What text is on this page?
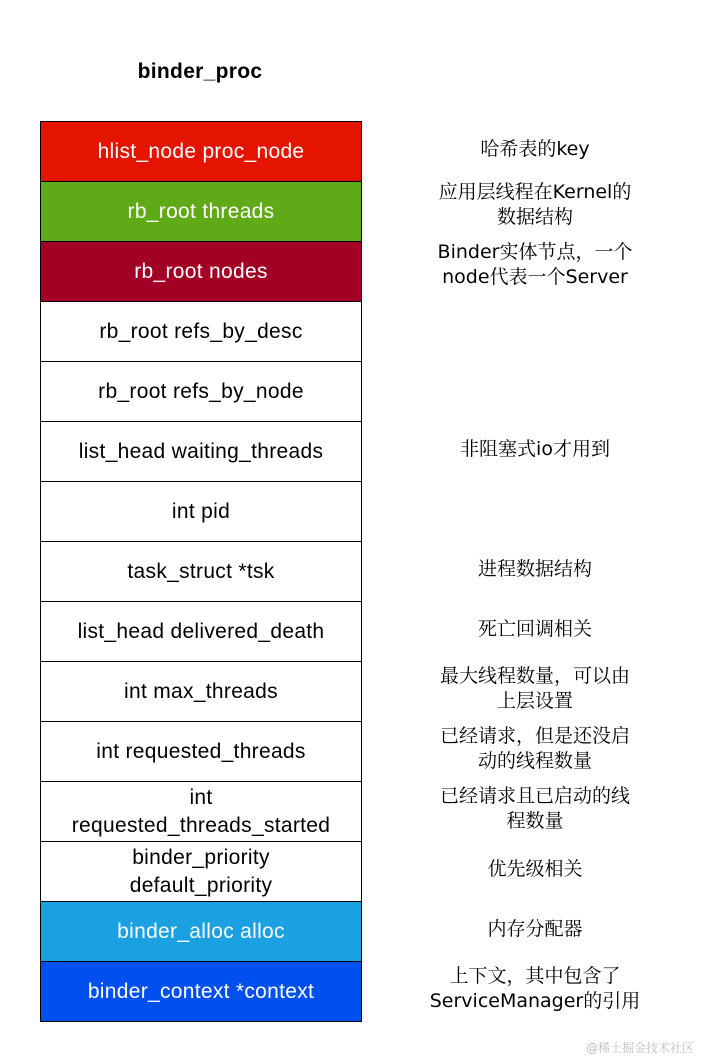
binder_proc
hlist_node proc_node
rb_root threads
rb_root nodes
rb_root refs_by_desc
rb_root refs_by_node
list_head waiting_threads
int pid
task_struct *tsk
list_head delivered_death
int max_threads
int requested_threads
int
requested_threads_started
binder_priority
default_priority
binder_alloc alloc
binder_context *context
哈希表的key
应用层线程在Kernel的
数据结构
Binder实体节点，一个
node代表一个Server
非阻塞式io才用到
进程数据结构
死亡回调相关
最大线程数量，可以由
上层设置
已经请求，但是还没启
动的线程数量
已经请求且已启动的线
程数量
优先级相关
内存分配器
上下文，其中包含了
ServiceManager的引用
@稀土掘金技术社区
